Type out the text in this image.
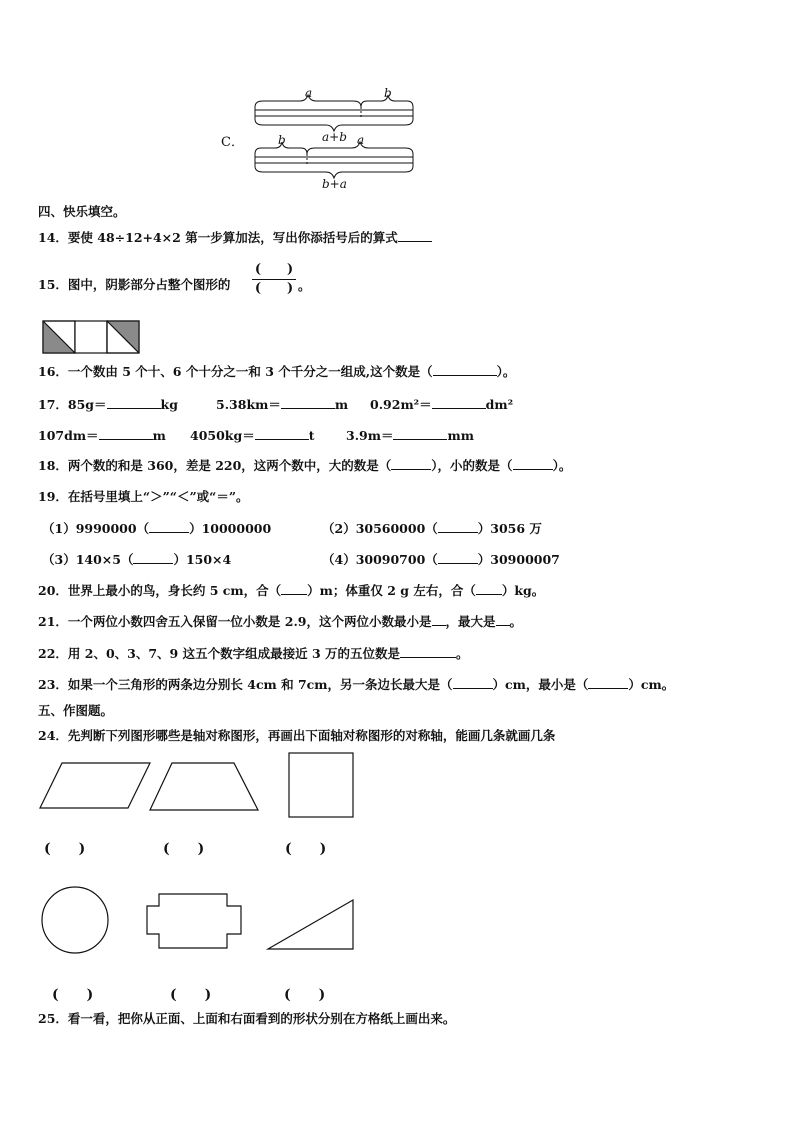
C．
a	b
a+b
b	a
b+a
四、快乐填空。
14．要使 48÷12+4×2 第一步算加法，写出你添括号后的算式
15．图中，阴影部分占整个图形的
(　　)
(　　) 。
16．一个数由 5 个十、6 个十分之一和 3 个千分之一组成,这个数是（	）。
17．85g＝	kg	5.38km＝	m 0.92m²＝	dm²
107dm＝	m 4050kg＝	t	3.9m＝	mm
18．两个数的和是 360，差是 220，这两个数中，大的数是（	），小的数是（	）。
19．在括号里填上“＞”“＜”或“＝”。
（1）9990000（	）10000000	（2）30560000（	）3056 万
（3）140×5（	）150×4	（4）30090700（	）30900007
20．世界上最小的鸟，身长约 5 cm，合（ ）m；体重仅 2 g 左右，合（ ）kg。
21．一个两位小数四舍五入保留一位小数是 2.9，这个两位小数最小是 ，最大是 。
22．用 2、0、3、7、9 这五个数字组成最接近 3 万的五位数是	。
23．如果一个三角形的两条边分别长 4cm 和 7cm，另一条边长最大是（	）cm，最小是（	）cm。
五、作图题。
24．先判断下列图形哪些是轴对称图形，再画出下面轴对称图形的对称轴，能画几条就画几条
(　　)	(　　)	(　　)
(　　)	(　　)	(　　)
25．看一看，把你从正面、上面和右面看到的形状分别在方格纸上画出来。
